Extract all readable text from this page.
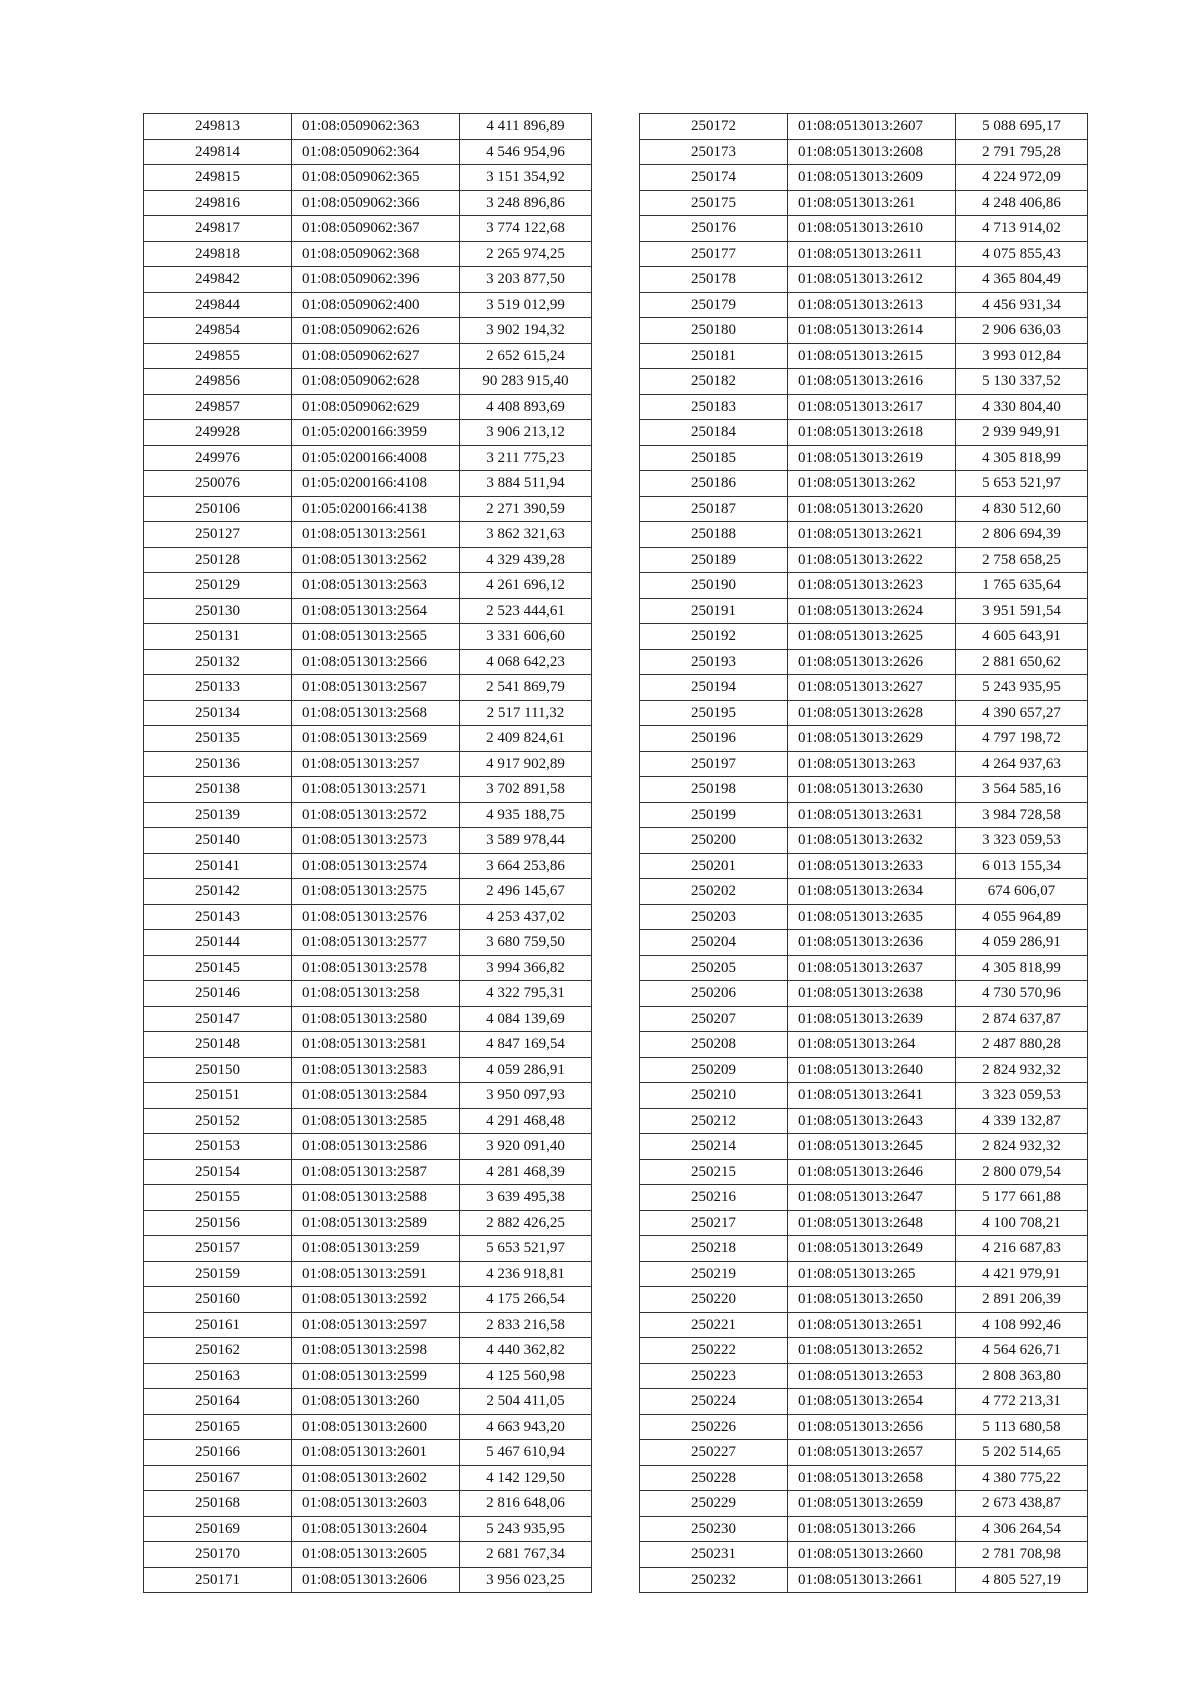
249813	01:08:0509062:363	4 411 896,89
249814	01:08:0509062:364	4 546 954,96
249815	01:08:0509062:365	3 151 354,92
249816	01:08:0509062:366	3 248 896,86
249817	01:08:0509062:367	3 774 122,68
249818	01:08:0509062:368	2 265 974,25
249842	01:08:0509062:396	3 203 877,50
249844	01:08:0509062:400	3 519 012,99
249854	01:08:0509062:626	3 902 194,32
249855	01:08:0509062:627	2 652 615,24
249856	01:08:0509062:628	90 283 915,40
249857	01:08:0509062:629	4 408 893,69
249928	01:05:0200166:3959	3 906 213,12
249976	01:05:0200166:4008	3 211 775,23
250076	01:05:0200166:4108	3 884 511,94
250106	01:05:0200166:4138	2 271 390,59
250127	01:08:0513013:2561	3 862 321,63
250128	01:08:0513013:2562	4 329 439,28
250129	01:08:0513013:2563	4 261 696,12
250130	01:08:0513013:2564	2 523 444,61
250131	01:08:0513013:2565	3 331 606,60
250132	01:08:0513013:2566	4 068 642,23
250133	01:08:0513013:2567	2 541 869,79
250134	01:08:0513013:2568	2 517 111,32
250135	01:08:0513013:2569	2 409 824,61
250136	01:08:0513013:257	4 917 902,89
250138	01:08:0513013:2571	3 702 891,58
250139	01:08:0513013:2572	4 935 188,75
250140	01:08:0513013:2573	3 589 978,44
250141	01:08:0513013:2574	3 664 253,86
250142	01:08:0513013:2575	2 496 145,67
250143	01:08:0513013:2576	4 253 437,02
250144	01:08:0513013:2577	3 680 759,50
250145	01:08:0513013:2578	3 994 366,82
250146	01:08:0513013:258	4 322 795,31
250147	01:08:0513013:2580	4 084 139,69
250148	01:08:0513013:2581	4 847 169,54
250150	01:08:0513013:2583	4 059 286,91
250151	01:08:0513013:2584	3 950 097,93
250152	01:08:0513013:2585	4 291 468,48
250153	01:08:0513013:2586	3 920 091,40
250154	01:08:0513013:2587	4 281 468,39
250155	01:08:0513013:2588	3 639 495,38
250156	01:08:0513013:2589	2 882 426,25
250157	01:08:0513013:259	5 653 521,97
250159	01:08:0513013:2591	4 236 918,81
250160	01:08:0513013:2592	4 175 266,54
250161	01:08:0513013:2597	2 833 216,58
250162	01:08:0513013:2598	4 440 362,82
250163	01:08:0513013:2599	4 125 560,98
250164	01:08:0513013:260	2 504 411,05
250165	01:08:0513013:2600	4 663 943,20
250166	01:08:0513013:2601	5 467 610,94
250167	01:08:0513013:2602	4 142 129,50
250168	01:08:0513013:2603	2 816 648,06
250169	01:08:0513013:2604	5 243 935,95
250170	01:08:0513013:2605	2 681 767,34
250171	01:08:0513013:2606	3 956 023,25
250172	01:08:0513013:2607	5 088 695,17
250173	01:08:0513013:2608	2 791 795,28
250174	01:08:0513013:2609	4 224 972,09
250175	01:08:0513013:261	4 248 406,86
250176	01:08:0513013:2610	4 713 914,02
250177	01:08:0513013:2611	4 075 855,43
250178	01:08:0513013:2612	4 365 804,49
250179	01:08:0513013:2613	4 456 931,34
250180	01:08:0513013:2614	2 906 636,03
250181	01:08:0513013:2615	3 993 012,84
250182	01:08:0513013:2616	5 130 337,52
250183	01:08:0513013:2617	4 330 804,40
250184	01:08:0513013:2618	2 939 949,91
250185	01:08:0513013:2619	4 305 818,99
250186	01:08:0513013:262	5 653 521,97
250187	01:08:0513013:2620	4 830 512,60
250188	01:08:0513013:2621	2 806 694,39
250189	01:08:0513013:2622	2 758 658,25
250190	01:08:0513013:2623	1 765 635,64
250191	01:08:0513013:2624	3 951 591,54
250192	01:08:0513013:2625	4 605 643,91
250193	01:08:0513013:2626	2 881 650,62
250194	01:08:0513013:2627	5 243 935,95
250195	01:08:0513013:2628	4 390 657,27
250196	01:08:0513013:2629	4 797 198,72
250197	01:08:0513013:263	4 264 937,63
250198	01:08:0513013:2630	3 564 585,16
250199	01:08:0513013:2631	3 984 728,58
250200	01:08:0513013:2632	3 323 059,53
250201	01:08:0513013:2633	6 013 155,34
250202	01:08:0513013:2634	674 606,07
250203	01:08:0513013:2635	4 055 964,89
250204	01:08:0513013:2636	4 059 286,91
250205	01:08:0513013:2637	4 305 818,99
250206	01:08:0513013:2638	4 730 570,96
250207	01:08:0513013:2639	2 874 637,87
250208	01:08:0513013:264	2 487 880,28
250209	01:08:0513013:2640	2 824 932,32
250210	01:08:0513013:2641	3 323 059,53
250212	01:08:0513013:2643	4 339 132,87
250214	01:08:0513013:2645	2 824 932,32
250215	01:08:0513013:2646	2 800 079,54
250216	01:08:0513013:2647	5 177 661,88
250217	01:08:0513013:2648	4 100 708,21
250218	01:08:0513013:2649	4 216 687,83
250219	01:08:0513013:265	4 421 979,91
250220	01:08:0513013:2650	2 891 206,39
250221	01:08:0513013:2651	4 108 992,46
250222	01:08:0513013:2652	4 564 626,71
250223	01:08:0513013:2653	2 808 363,80
250224	01:08:0513013:2654	4 772 213,31
250226	01:08:0513013:2656	5 113 680,58
250227	01:08:0513013:2657	5 202 514,65
250228	01:08:0513013:2658	4 380 775,22
250229	01:08:0513013:2659	2 673 438,87
250230	01:08:0513013:266	4 306 264,54
250231	01:08:0513013:2660	2 781 708,98
250232	01:08:0513013:2661	4 805 527,19
